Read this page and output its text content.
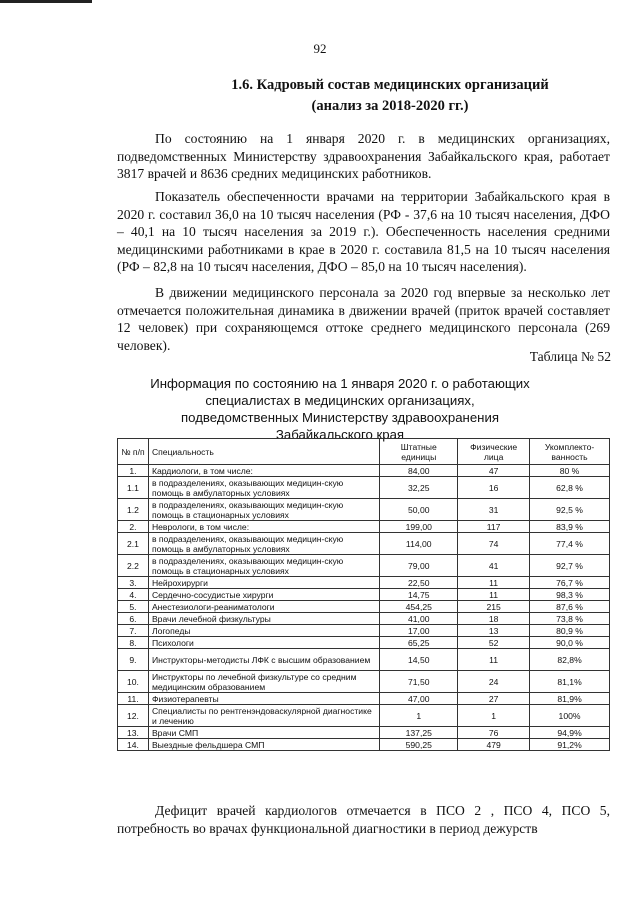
92
1.6. Кадровый состав медицинских организаций
(анализ за 2018-2020 гг.)

По состоянию на 1 января 2020 г. в медицинских организациях, подведомственных Министерству здравоохранения Забайкальского края, работает 3817 врачей и 8636 средних медицинских работников.

Показатель обеспеченности врачами на территории Забайкальского края в 2020 г. составил 36,0 на 10 тысяч населения (РФ - 37,6 на 10 тысяч населения, ДФО – 40,1 на 10 тысяч населения за 2019 г.). Обеспеченность населения средними медицинскими работниками в крае в 2020 г. составила 81,5 на 10 тысяч населения (РФ – 82,8 на 10 тысяч населения, ДФО – 85,0 на 10 тысяч населения).

В движении медицинского персонала за 2020 год впервые за несколько лет отмечается положительная динамика в движении врачей (приток врачей составляет 12 человек) при сохраняющемся оттоке среднего медицинского персонала (269 человек).

Таблица № 52
Информация по состоянию на 1 января 2020 г. о работающих специалистах в медицинских организациях, подведомственных Министерству здравоохранения Забайкальского края
№ п/п	Специальность	Штатные единицы	Физические лица	Укомплекто-ванность
1.	Кардиологи, в том числе:	84,00	47	80 %
1.1	в подразделениях, оказывающих медицин-скую помощь в амбулаторных условиях	32,25	16	62,8 %
1.2	в подразделениях, оказывающих медицин-скую помощь в стационарных условиях	50,00	31	92,5 %
2.	Неврологи, в том числе:	199,00	117	83,9 %
2.1	в подразделениях, оказывающих медицин-скую помощь в амбулаторных условиях	114,00	74	77,4 %
2.2	в подразделениях, оказывающих медицин-скую помощь в стационарных условиях	79,00	41	92,7 %
3.	Нейрохирурги	22,50	11	76,7 %
4.	Сердечно-сосудистые хирурги	14,75	11	98,3 %
5.	Анестезиологи-реаниматологи	454,25	215	87,6 %
6.	Врачи лечебной физкультуры	41,00	18	73,8 %
7.	Логопеды	17,00	13	80,9 %
8.	Психологи	65,25	52	90,0 %
9.	Инструкторы-методисты ЛФК с высшим образованием	14,50	11	82,8%
10.	Инструкторы по лечебной физкультуре со средним медицинским образованием	71,50	24	81,1%
11.	Физиотерапевты	47,00	27	81,9%
12.	Специалисты по рентгенэндоваскулярной диагностике и лечению	1	1	100%
13.	Врачи СМП	137,25	76	94,9%
14.	Выездные фельдшера СМП	590,25	479	91,2%

Дефицит врачей кардиологов отмечается в ПСО 2 , ПСО 4, ПСО 5, потребность во врачах функциональной диагностики в период дежурств
